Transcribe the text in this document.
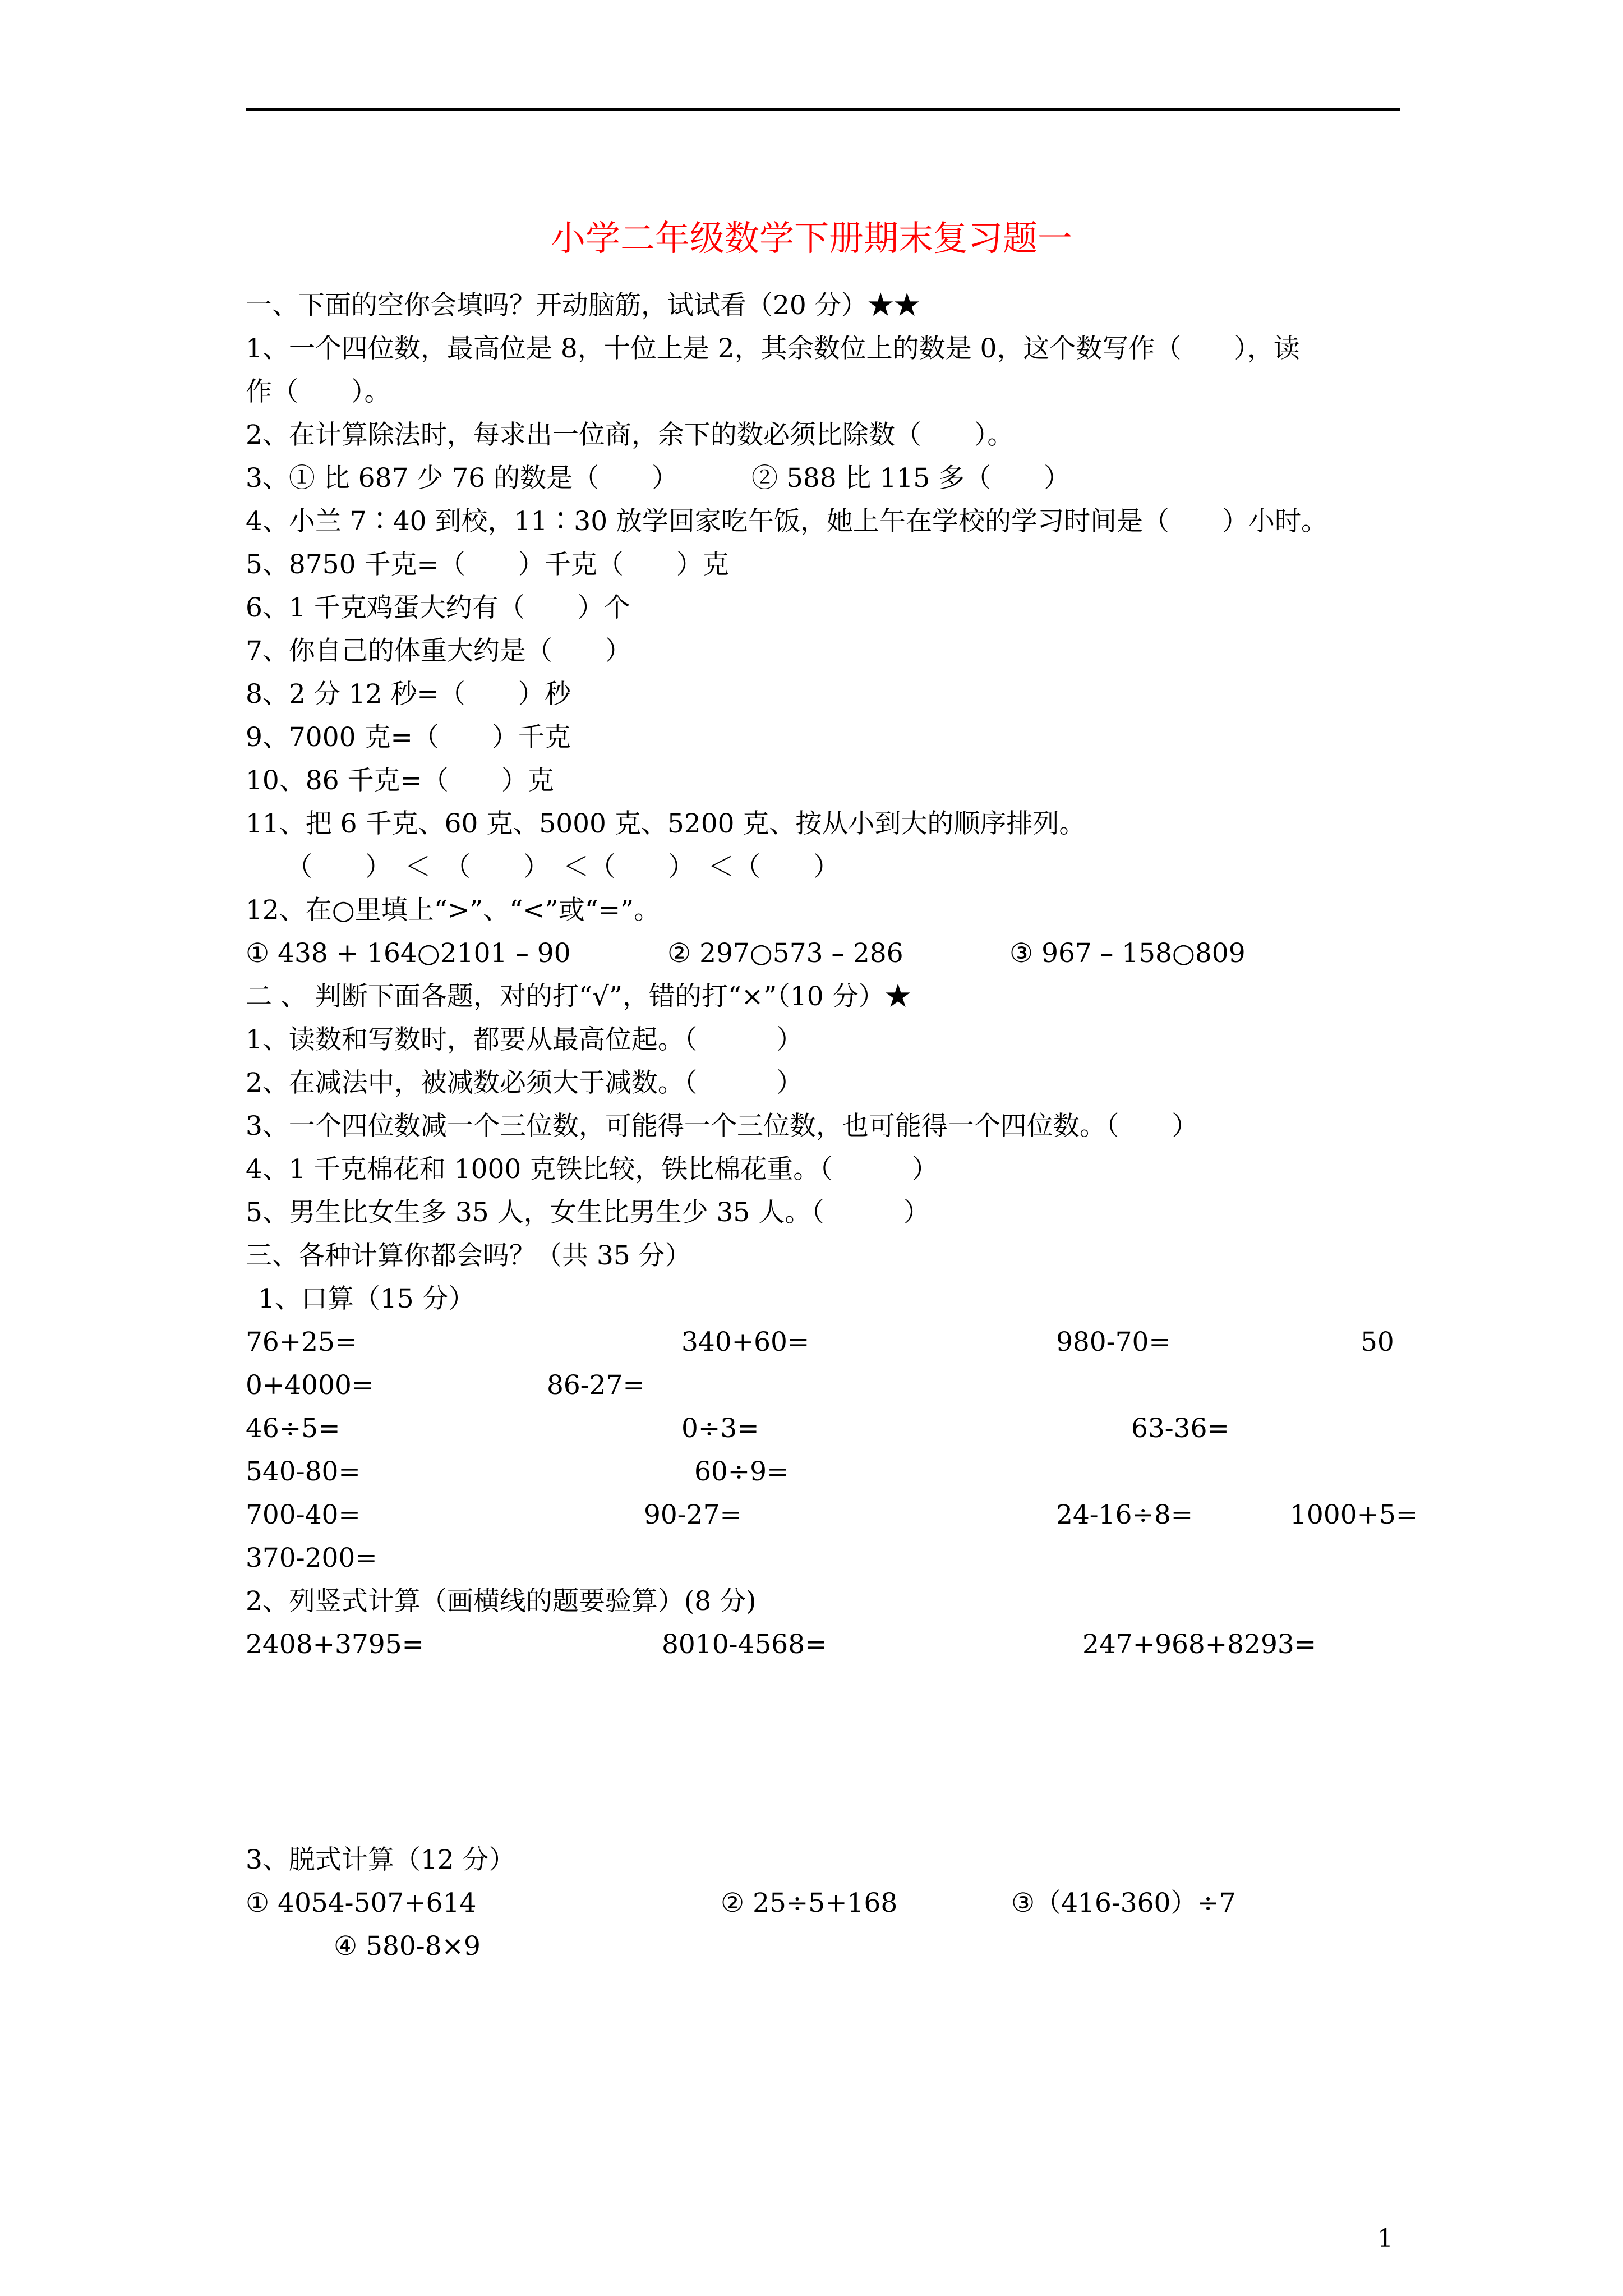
小学二年级数学下册期末复习题一
一、下面的空你会填吗？开动脑筋，试试看（20 分）★★
1、一个四位数，最高位是 8，十位上是 2，其余数位上的数是 0，这个数写作（　　），读
作（　　）。
2、在计算除法时，每求出一位商，余下的数必须比除数（　　）。
3、① 比 687 少 76 的数是（　　）	② 588 比 115 多（　　）
4、小兰 7∶40 到校，11∶30 放学回家吃午饭，她上午在学校的学习时间是（　　）小时。
5、8750 千克=（　　）千克（　　）克
6、1 千克鸡蛋大约有（　　）个
7、你自己的体重大约是（　　）
8、2 分 12 秒=（　　）秒
9、7000 克=（　　）千克
10、86 千克=（　　）克
11、把 6 千克、60 克、5000 克、5200 克、按从小到大的顺序排列。
（　　）　＜　（　　）　＜（　　）　＜（　　）
12、在○里填上“>”、“<”或“=”。
① 438 + 164○2101 – 90	② 297○573 – 286	③ 967 – 158○809
二 、 判断下面各题，对的打“√”，错的打“×”（10 分）★
1、读数和写数时，都要从最高位起。（　　　）
2、在减法中，被减数必须大于减数。（　　　）
3、一个四位数减一个三位数，可能得一个三位数，也可能得一个四位数。（　　）
4、1 千克棉花和 1000 克铁比较，铁比棉花重。（　　　）
5、男生比女生多 35 人，女生比男生少 35 人。（　　　）
三、各种计算你都会吗？（共 35 分）
1、口算（15 分）
76+25=	340+60=	980-70=	50
0+4000=	86-27=
46÷5=	0÷3=	63-36=
540-80=	60÷9=
700-40=	90-27=	24-16÷8=	1000+5=
370-200=
2、列竖式计算（画横线的题要验算）(8 分)
2408+3795=	8010-4568=	247+968+8293=
3、脱式计算（12 分）
① 4054-507+614	② 25÷5+168	③（416-360）÷7
④ 580-8×9
1
